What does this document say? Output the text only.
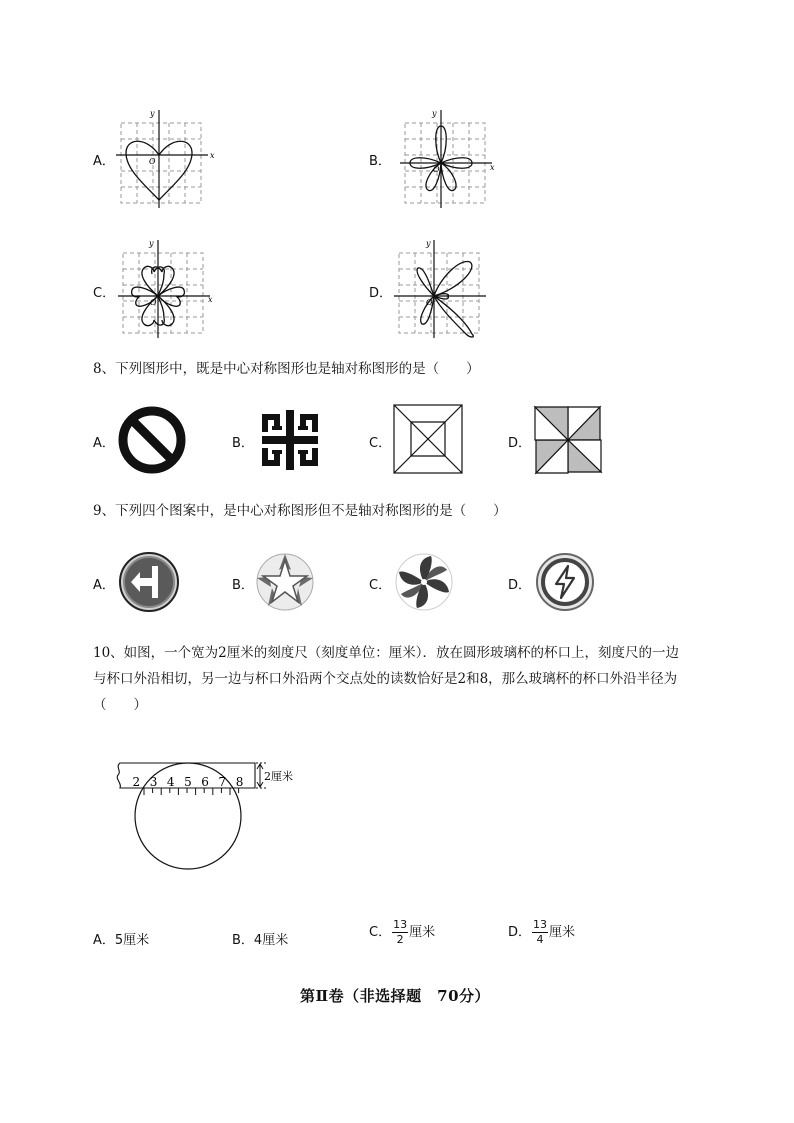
A．	x
y
O	B．	x
y
O
C．	x
y
O
D．
y
O
8、下列图形中，既是中心对称图形也是轴对称图形的是（　　）
A．	B．	C．	D．
9、下列四个图案中，是中心对称图形但不是轴对称图形的是（　　）
A．	B．	C．	D．
10、如图，一个宽为2厘米的刻度尺（刻度单位：厘米）．放在圆形玻璃杯的杯口上，刻度尺的一边
与杯口外沿相切，另一边与杯口外沿两个交点处的读数恰好是2和8，那么玻璃杯的杯口外沿半径为
（　　）
2 3 4 5 6 7 8 2厘米
A．5厘米	B．4厘米
C． $\frac{13}{2}$ 厘米	D． $\frac{13}{4}$ 厘米
第Ⅱ卷（非选择题　70分）
